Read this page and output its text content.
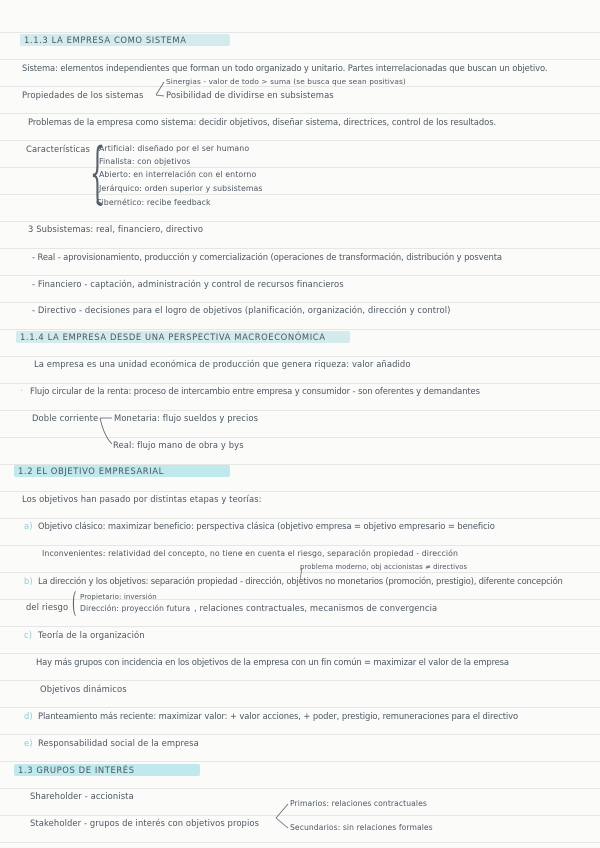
1.1.3 LA EMPRESA COMO SISTEMA
Sistema: elementos independientes que forman un todo organizado y unitario. Partes interrelacionadas que buscan un objetivo.
Sinergias - valor de todo > suma (se busca que sean positivas)
Propiedades de los sistemas	Posibilidad de dividirse en subsistemas
Problemas de la empresa como sistema: decidir objetivos, diseñar sistema, directrices, control de los resultados.
Características {
Artificial: diseñado por el ser humano
Finalista: con objetivos
Abierto: en interrelación con el entorno
Jerárquico: orden superior y subsistemas
Cibernético: recibe feedback
3 Subsistemas: real, financiero, directivo
- Real - aprovisionamiento, producción y comercialización (operaciones de transformación, distribución y posventa
- Financiero - captación, administración y control de recursos financieros
- Directivo - decisiones para el logro de objetivos (planificación, organización, dirección y control)
1.1.4 LA EMPRESA DESDE UNA PERSPECTIVA MACROECONÓMICA
La empresa es una unidad económica de producción que genera riqueza: valor añadido
· Flujo circular de la renta: proceso de intercambio entre empresa y consumidor - son oferentes y demandantes
Doble corriente Monetaria: flujo sueldos y precios
Real: flujo mano de obra y bys
1.2 EL OBJETIVO EMPRESARIAL
Los objetivos han pasado por distintas etapas y teorías:
a) Objetivo clásico: maximizar beneficio: perspectiva clásica (objetivo empresa = objetivo empresario = beneficio
Inconvenientes: relatividad del concepto, no tiene en cuenta el riesgo, separación propiedad - dirección
problema moderno, obj accionistas ≠ directivos
b) La dirección y los objetivos: separación propiedad - dirección, objetivos no monetarios (promoción, prestigio), diferente concepción
del riesgo ( Propietario: inversión
Dirección: proyección futura , relaciones contractuales, mecanismos de convergencia
c) Teoría de la organización
Hay más grupos con incidencia en los objetivos de la empresa con un fin común = maximizar el valor de la empresa
Objetivos dinámicos
d) Planteamiento más reciente: maximizar valor: + valor acciones, + poder, prestigio, remuneraciones para el directivo
e) Responsabilidad social de la empresa
1.3 GRUPOS DE INTERÉS
Primarios: relaciones contractuales
Shareholder - accionista
Stakeholder - grupos de interés con objetivos propios	Secundarios: sin relaciones formales
